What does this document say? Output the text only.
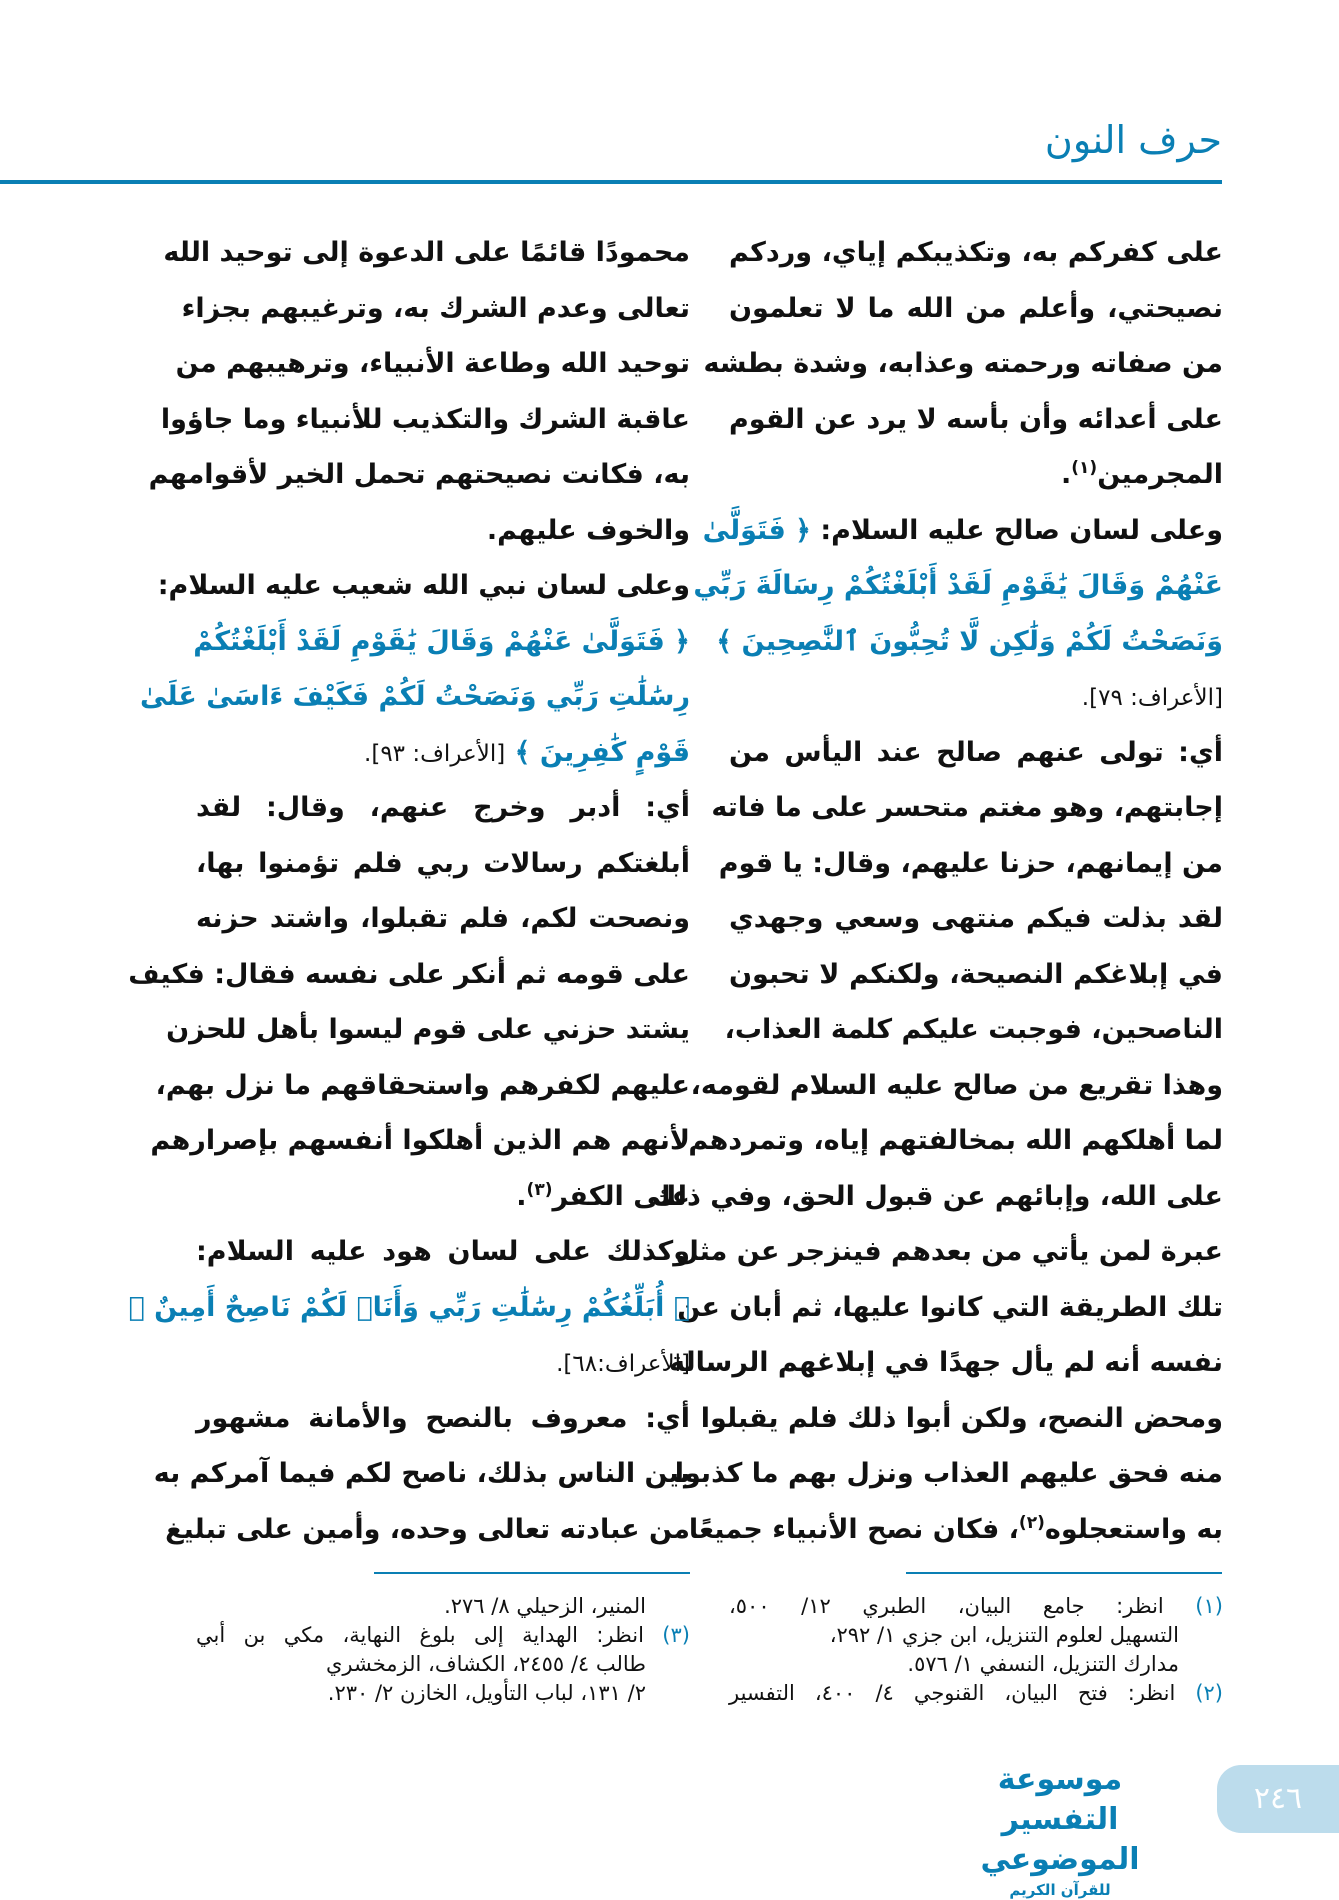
حرف النون
على كفركم به، وتكذيبكم إياي، وردكم
نصيحتي، وأعلم من الله ما لا تعلمون
من صفاته ورحمته وعذابه، وشدة بطشه
على أعدائه وأن بأسه لا يرد عن القوم
المجرمين$^{(١)}$.
وعلى لسان صالح عليه السلام: ﴿ فَتَوَلَّىٰ
عَنْهُمْ وَقَالَ يَٰقَوْمِ لَقَدْ أَبْلَغْتُكُمْ رِسَالَةَ رَبِّي
وَنَصَحْتُ لَكُمْ وَلَٰكِن لَّا تُحِبُّونَ ٱلنَّٰصِحِينَ ﴾
[الأعراف: ٧٩].
أي: تولى عنهم صالح عند اليأس من
إجابتهم، وهو مغتم متحسر على ما فاته
من إيمانهم، حزنا عليهم، وقال: يا قوم
لقد بذلت فيكم منتهى وسعي وجهدي
في إبلاغكم النصيحة، ولكنكم لا تحبون
الناصحين، فوجبت عليكم كلمة العذاب،
وهذا تقريع من صالح عليه السلام لقومه،
لما أهلكهم الله بمخالفتهم إياه، وتمردهم
على الله، وإبائهم عن قبول الحق، وفي ذلك
عبرة لمن يأتي من بعدهم فينزجر عن مثل
تلك الطريقة التي كانوا عليها، ثم أبان عن
نفسه أنه لم يأل جهدًا في إبلاغهم الرسالة
ومحض النصح، ولكن أبوا ذلك فلم يقبلوا
منه فحق عليهم العذاب ونزل بهم ما كذبوا
به واستعجلوه$^{(٢)}$، فكان نصح الأنبياء جميعًا
محمودًا قائمًا على الدعوة إلى توحيد الله
تعالى وعدم الشرك به، وترغيبهم بجزاء
توحيد الله وطاعة الأنبياء، وترهيبهم من
عاقبة الشرك والتكذيب للأنبياء وما جاؤوا
به، فكانت نصيحتهم تحمل الخير لأقوامهم
والخوف عليهم.
وعلى لسان نبي الله شعيب عليه السلام:
﴿ فَتَوَلَّىٰ عَنْهُمْ وَقَالَ يَٰقَوْمِ لَقَدْ أَبْلَغْتُكُمْ
رِسَٰلَٰتِ رَبِّي وَنَصَحْتُ لَكُمْ فَكَيْفَ ءَاسَىٰ عَلَىٰ
قَوْمٍ كَٰفِرِينَ ﴾ [الأعراف: ٩٣].
أي: أدبر وخرج عنهم، وقال: لقد
أبلغتكم رسالات ربي فلم تؤمنوا بها،
ونصحت لكم، فلم تقبلوا، واشتد حزنه
على قومه ثم أنكر على نفسه فقال: فكيف
يشتد حزني على قوم ليسوا بأهل للحزن
عليهم لكفرهم واستحقاقهم ما نزل بهم،
لأنهم هم الذين أهلكوا أنفسهم بإصرارهم
على الكفر$^{(٣)}$.
وكذلك على لسان هود عليه السلام:
﴿ أُبَلِّغُكُمْ رِسَٰلَٰتِ رَبِّي وَأَنَا۠ لَكُمْ نَاصِحٌ أَمِينٌ ﴾
[الأعراف:٦٨].
أي: معروف بالنصح والأمانة مشهور
بين الناس بذلك، ناصح لكم فيما آمركم به
من عبادته تعالى وحده، وأمين على تبليغ
(١) انظر: جامع البيان، الطبري ١٢/ ٥٠٠،
التسهيل لعلوم التنزيل، ابن جزي ١/ ٢٩٢،
مدارك التنزيل، النسفي ١/ ٥٧٦.
(٢) انظر: فتح البيان، القنوجي ٤/ ٤٠٠، التفسير
المنير، الزحيلي ٨/ ٢٧٦.
(٣) انظر: الهداية إلى بلوغ النهاية، مكي بن أبي
طالب ٤/ ٢٤٥٥، الكشاف، الزمخشري
٢/ ١٣١، لباب التأويل، الخازن ٢/ ٢٣٠.
موسوعة التفسير الموضوعي
للقرآن الكريم
٢٤٦
